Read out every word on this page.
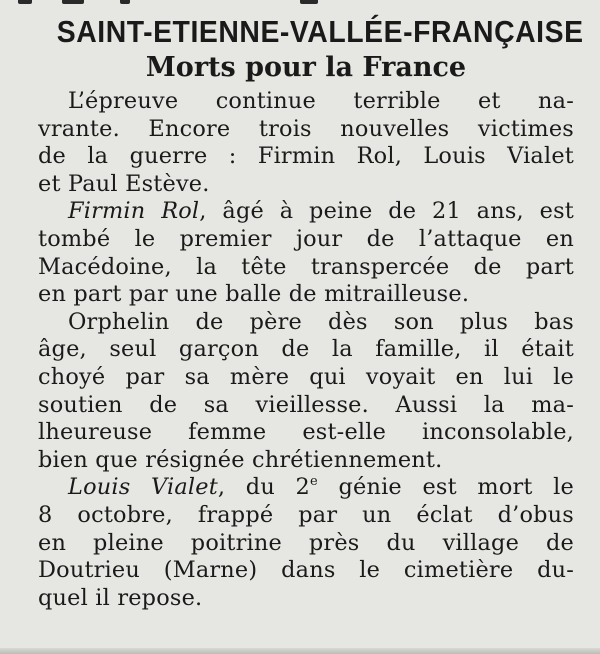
SAINT-ETIENNE-VALLÉE-FRANÇAISE
Morts pour la France
L’épreuve continue terrible et na-
vrante. Encore trois nouvelles victimes
de la guerre : Firmin Rol, Louis Vialet
et Paul Estève.
Firmin Rol, âgé à peine de 21 ans, est
tombé le premier jour de l’attaque en
Macédoine, la tête transpercée de part
en part par une balle de mitrailleuse.
Orphelin de père dès son plus bas
âge, seul garçon de la famille, il était
choyé par sa mère qui voyait en lui le
soutien de sa vieillesse. Aussi la ma-
lheureuse femme est-elle inconsolable,
bien que résignée chrétiennement.
Louis Vialet, du 2e génie est mort le
8 octobre, frappé par un éclat d’obus
en pleine poitrine près du village de
Doutrieu (Marne) dans le cimetière du-
quel il repose.
